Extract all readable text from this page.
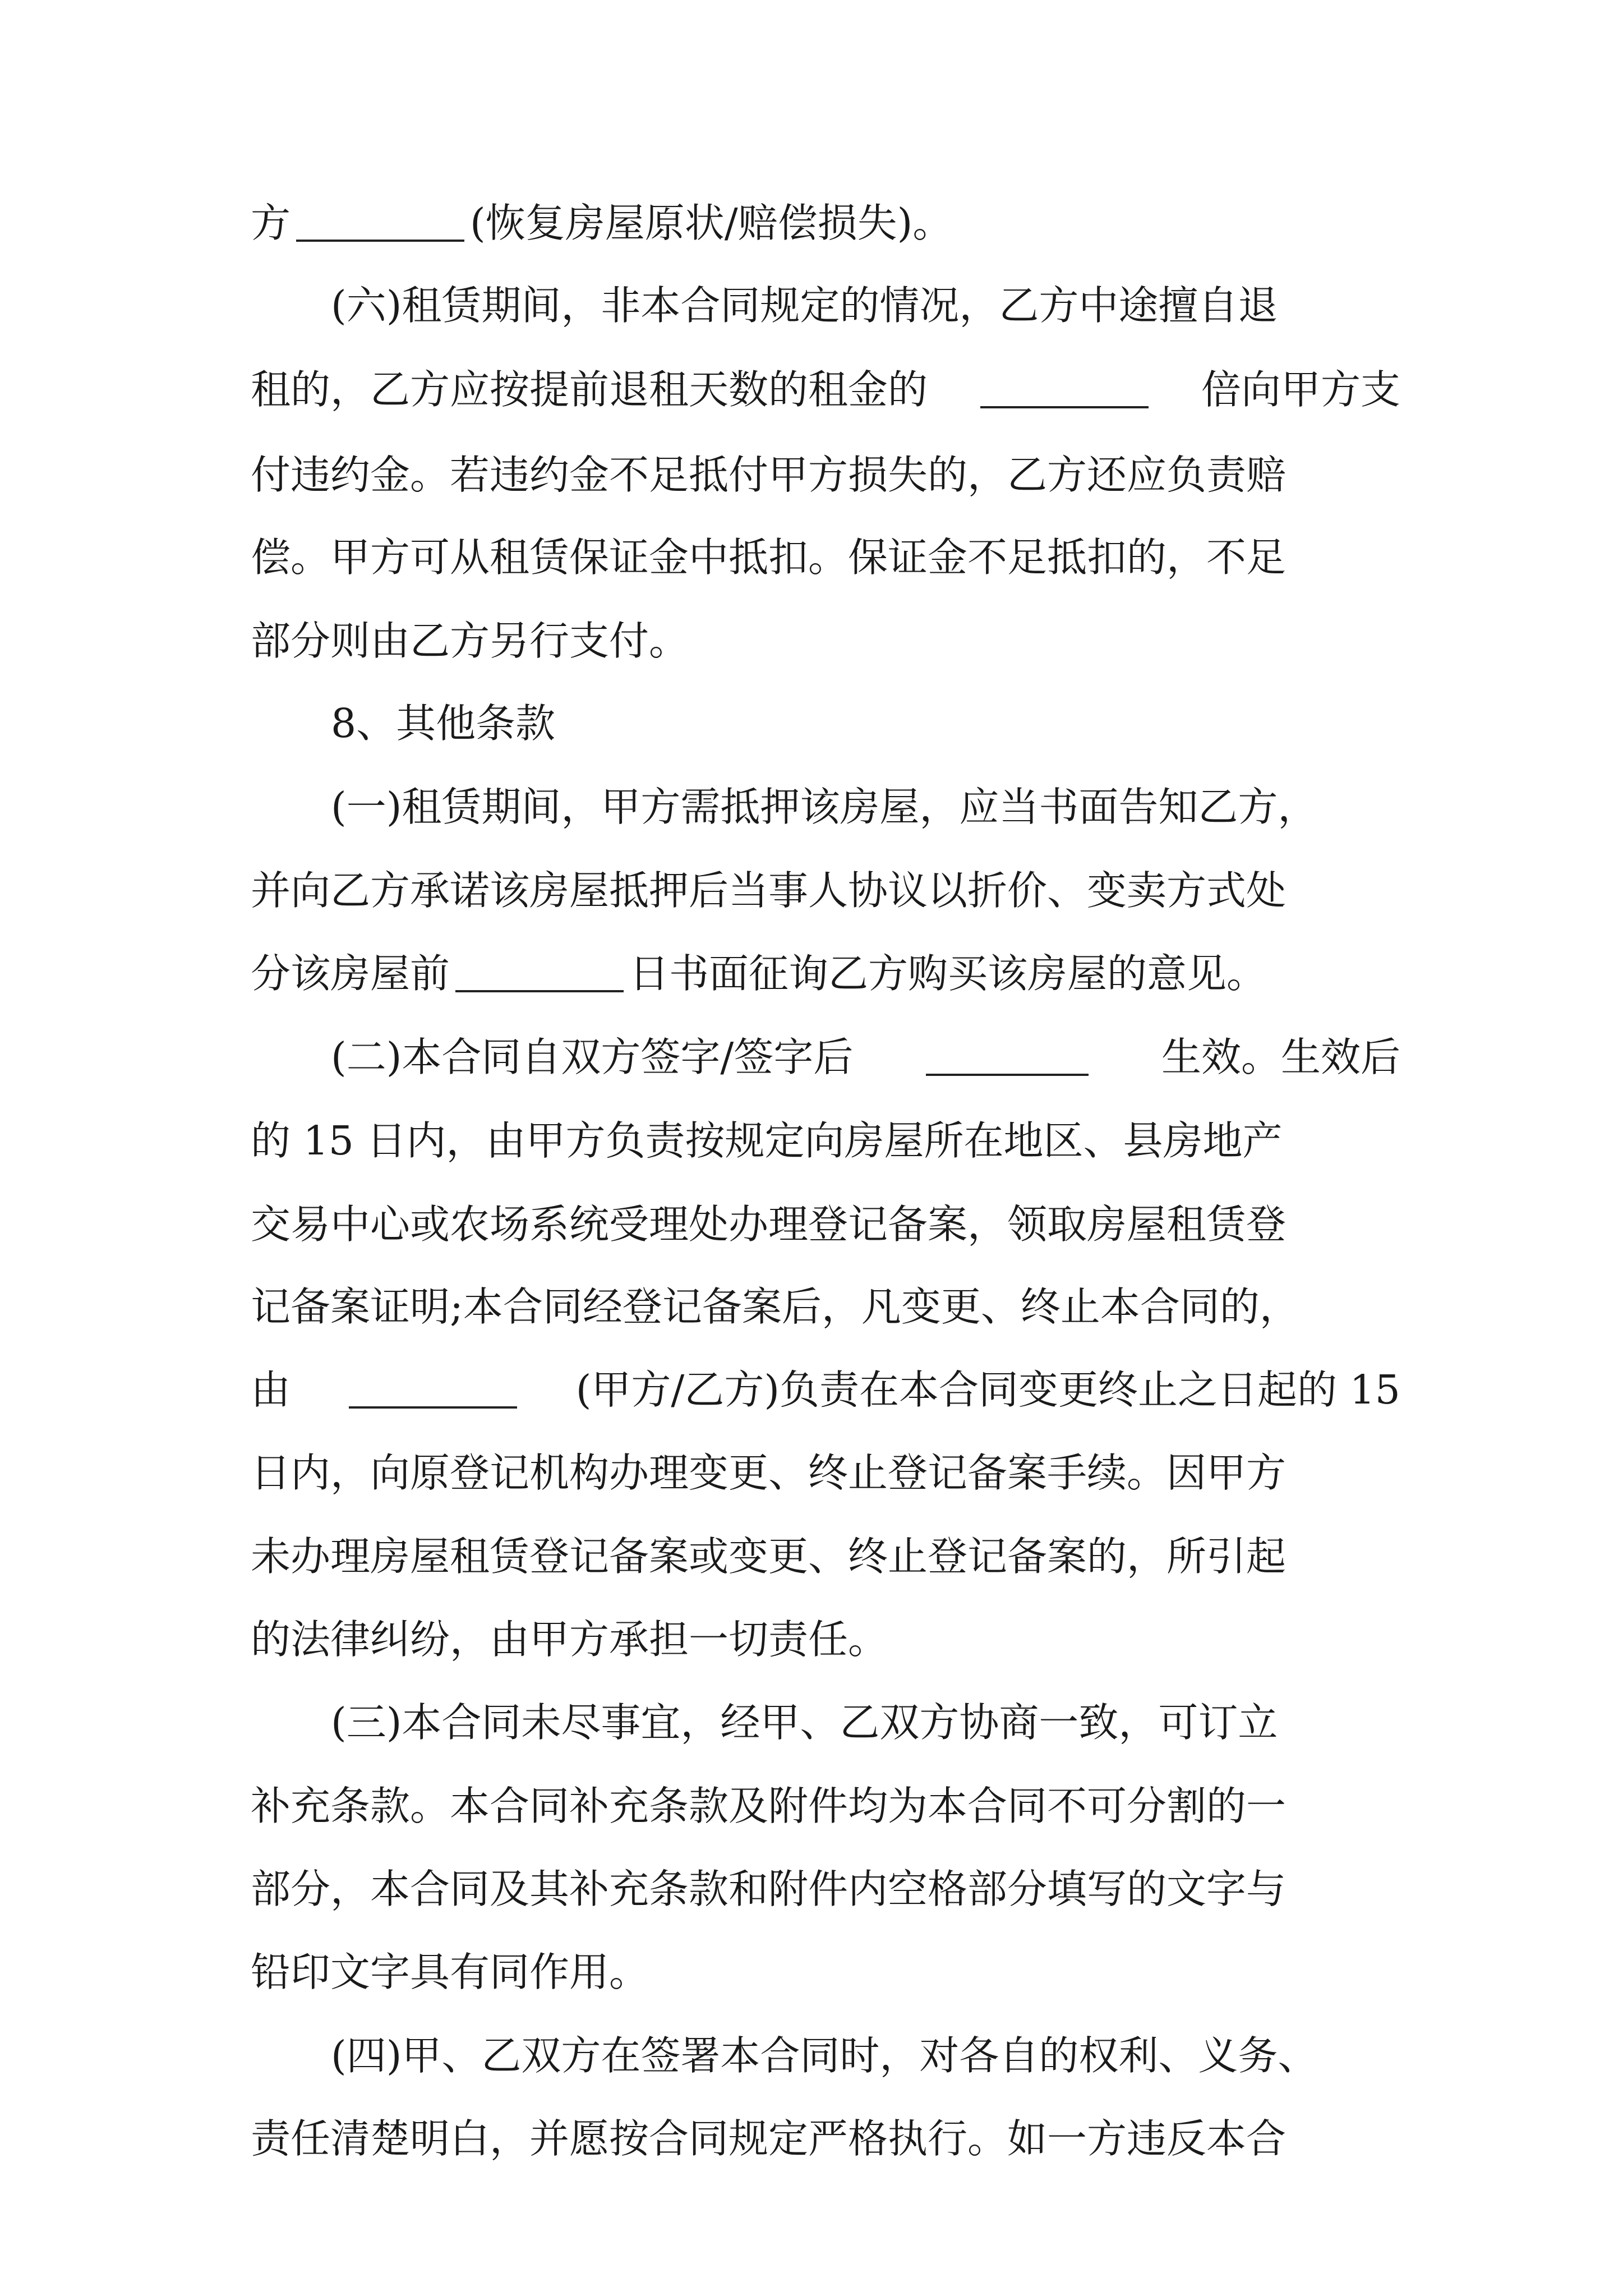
方	(恢复房屋原状/赔偿损失)。
(六)租赁期间，非本合同规定的情况，乙方中途擅自退
租的，乙方应按提前退租天数的租金的	倍向甲方支
付违约金。若违约金不足抵付甲方损失的，乙方还应负责赔
偿。甲方可从租赁保证金中抵扣。保证金不足抵扣的，不足
部分则由乙方另行支付。
8、其他条款
(一)租赁期间，甲方需抵押该房屋，应当书面告知乙方，
并向乙方承诺该房屋抵押后当事人协议以折价、变卖方式处
分该房屋前	日书面征询乙方购买该房屋的意见。
(二)本合同自双方签字/签字后	生效。生效后
的 15 日内，由甲方负责按规定向房屋所在地区、县房地产
交易中心或农场系统受理处办理登记备案，领取房屋租赁登
记备案证明;本合同经登记备案后，凡变更、终止本合同的，
由	(甲方/乙方)负责在本合同变更终止之日起的 15
日内，向原登记机构办理变更、终止登记备案手续。因甲方
未办理房屋租赁登记备案或变更、终止登记备案的，所引起
的法律纠纷，由甲方承担一切责任。
(三)本合同未尽事宜，经甲、乙双方协商一致，可订立
补充条款。本合同补充条款及附件均为本合同不可分割的一
部分，本合同及其补充条款和附件内空格部分填写的文字与
铅印文字具有同作用。
(四)甲、乙双方在签署本合同时，对各自的权利、义务、
责任清楚明白，并愿按合同规定严格执行。如一方违反本合
